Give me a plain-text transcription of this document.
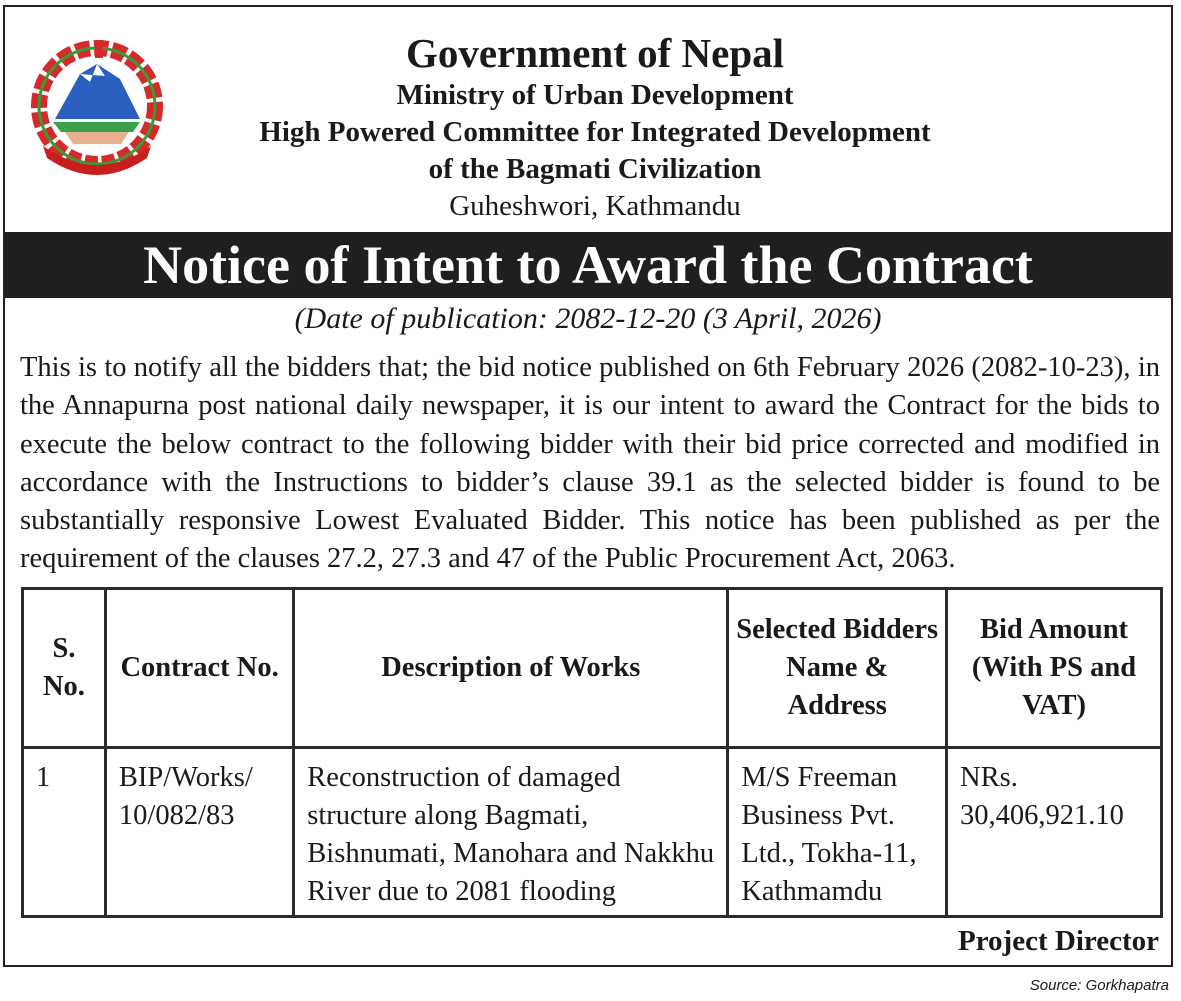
Government of Nepal
Ministry of Urban Development
High Powered Committee for Integrated Development
of the Bagmati Civilization
Guheshwori, Kathmandu
Notice of Intent to Award the Contract
(Date of publication: 2082-12-20 (3 April, 2026)
This is to notify all the bidders that; the bid notice published on 6th February 2026 (2082-10-23), in the Annapurna post national daily newspaper, it is our intent to award the Contract for the bids to execute the below contract to the following bidder with their bid price corrected and modified in accordance with the Instructions to bidder’s clause 39.1 as the selected bidder is found to be substantially responsive Lowest Evaluated Bidder. This notice has been published as per the requirement of the clauses 27.2, 27.3 and 47 of the Public Procurement Act, 2063.
S. No.	Contract No.	Description of Works	Selected Bidders Name & Address	Bid Amount (With PS and VAT)
1	BIP/Works/ 10/082/83	Reconstruction of damaged structure along Bagmati, Bishnumati, Manohara and Nakkhu River due to 2081 flooding	M/S Freeman Business Pvt. Ltd., Tokha-11, Kathmamdu	NRs. 30,406,921.10
Project Director
Source: Gorkhapatra
